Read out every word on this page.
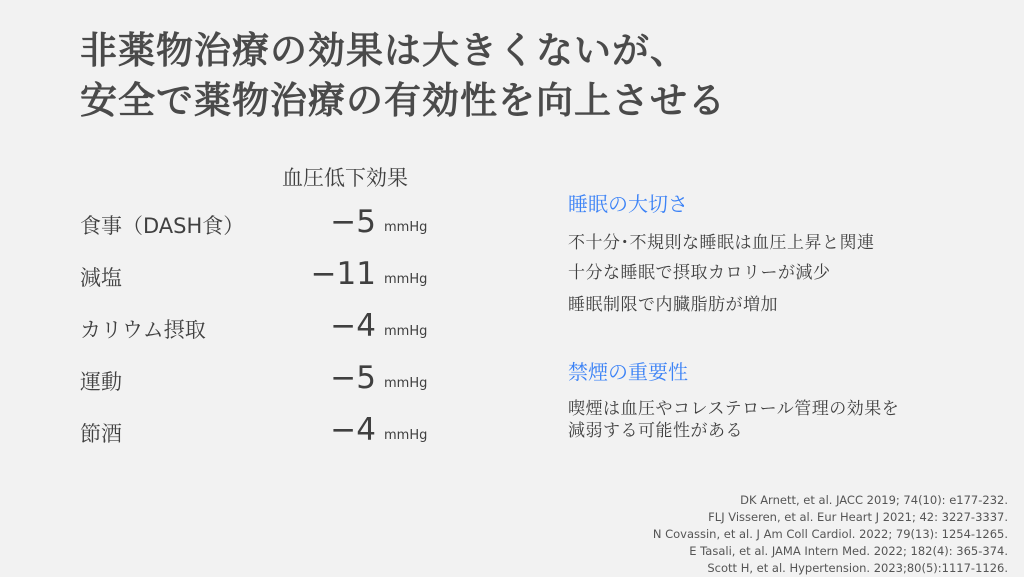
非薬物治療の効果は大きくないが、
安全で薬物治療の有効性を向上させる
血圧低下効果
食事（DASH食）	−5 mmHg
減塩	−11 mmHg
カリウム摂取	−4 mmHg
運動	−5 mmHg
節酒	−4 mmHg
睡眠の大切さ
不十分･不規則な睡眠は血圧上昇と関連
十分な睡眠で摂取カロリーが減少
睡眠制限で内臓脂肪が増加
禁煙の重要性
喫煙は血圧やコレステロール管理の効果を
減弱する可能性がある
DK Arnett, et al. JACC 2019; 74(10): e177-232.
FLJ Visseren, et al. Eur Heart J 2021; 42: 3227-3337.
N Covassin, et al. J Am Coll Cardiol. 2022; 79(13): 1254-1265.
E Tasali, et al. JAMA Intern Med. 2022; 182(4): 365-374.
Scott H, et al. Hypertension. 2023;80(5):1117-1126.
